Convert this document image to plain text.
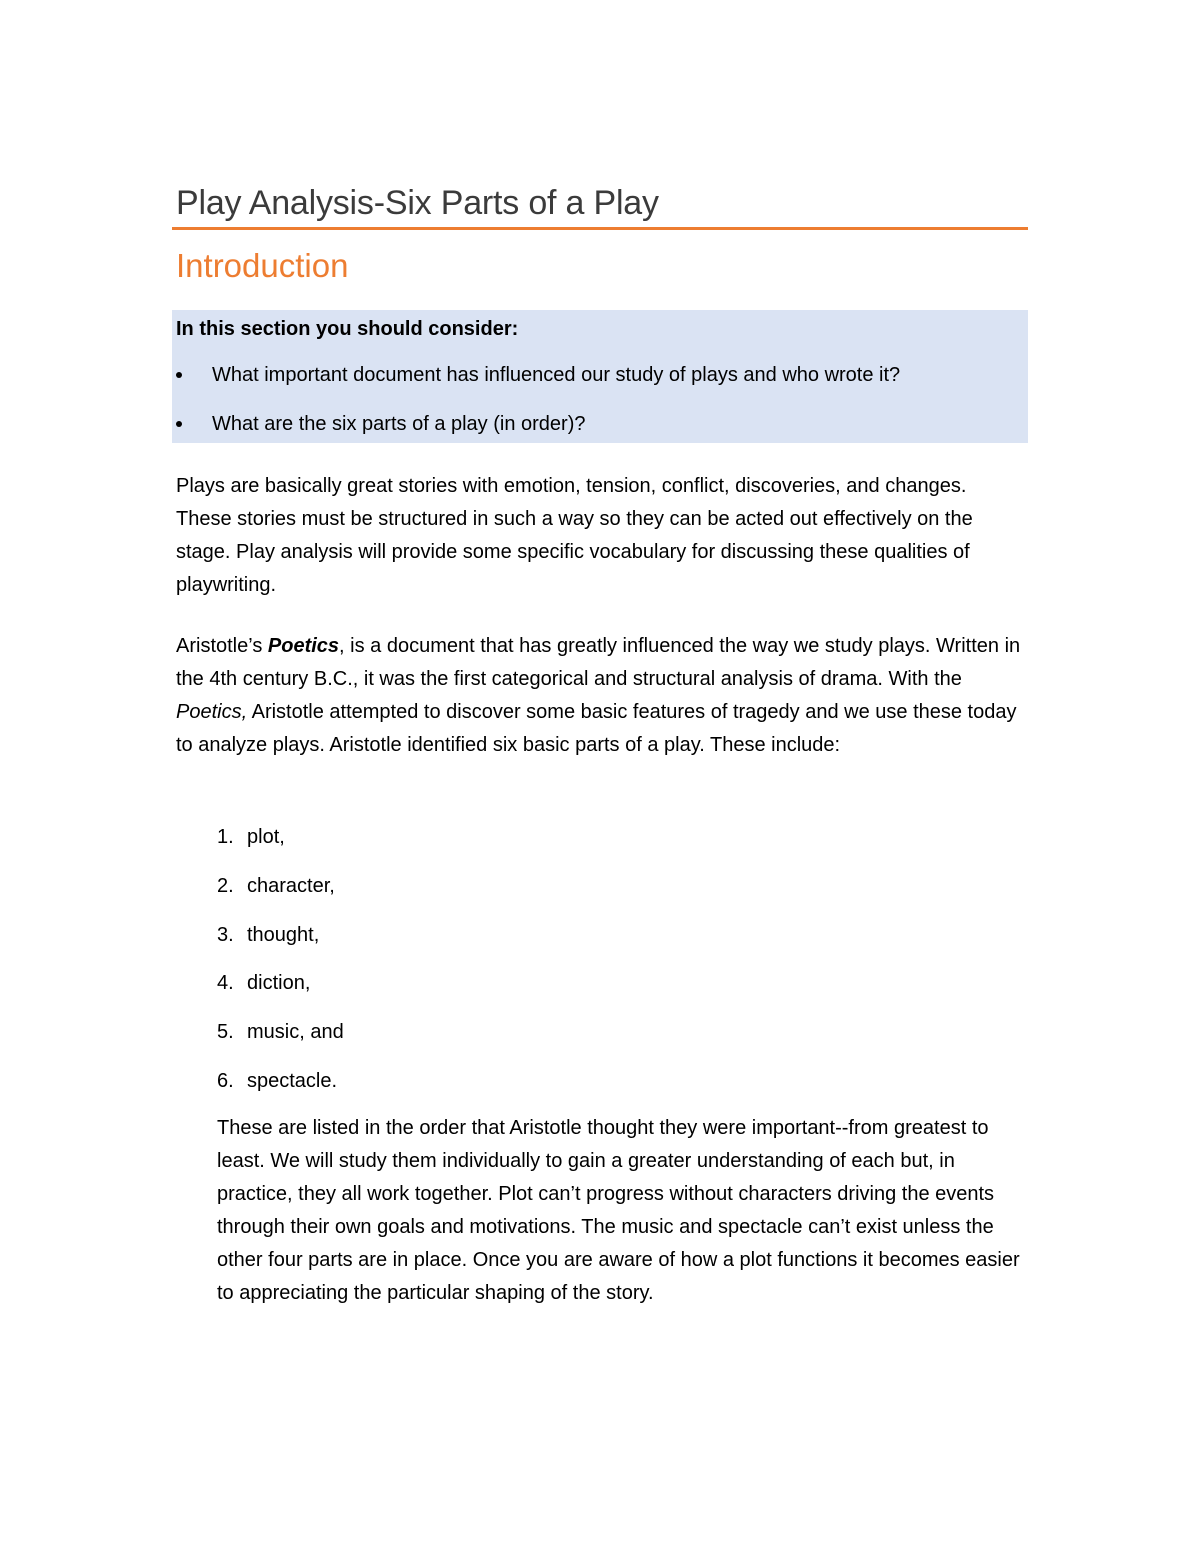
Play Analysis-Six Parts of a Play
Introduction
In this section you should consider:
What important document has influenced our study of plays and who wrote it?
What are the six parts of a play (in order)?

Plays are basically great stories with emotion, tension, conflict, discoveries, and changes. These stories must be structured in such a way so they can be acted out effectively on the stage. Play analysis will provide some specific vocabulary for discussing these qualities of playwriting.

Aristotle’s Poetics, is a document that has greatly influenced the way we study plays. Written in the 4th century B.C., it was the first categorical and structural analysis of drama. With the Poetics, Aristotle attempted to discover some basic features of tragedy and we use these today to analyze plays. Aristotle identified six basic parts of a play. These include:

1. plot,
2. character,
3. thought,
4. diction,
5. music, and
6. spectacle.

These are listed in the order that Aristotle thought they were important--from greatest to least. We will study them individually to gain a greater understanding of each but, in practice, they all work together. Plot can’t progress without characters driving the events through their own goals and motivations. The music and spectacle can’t exist unless the other four parts are in place. Once you are aware of how a plot functions it becomes easier to appreciating the particular shaping of the story.
